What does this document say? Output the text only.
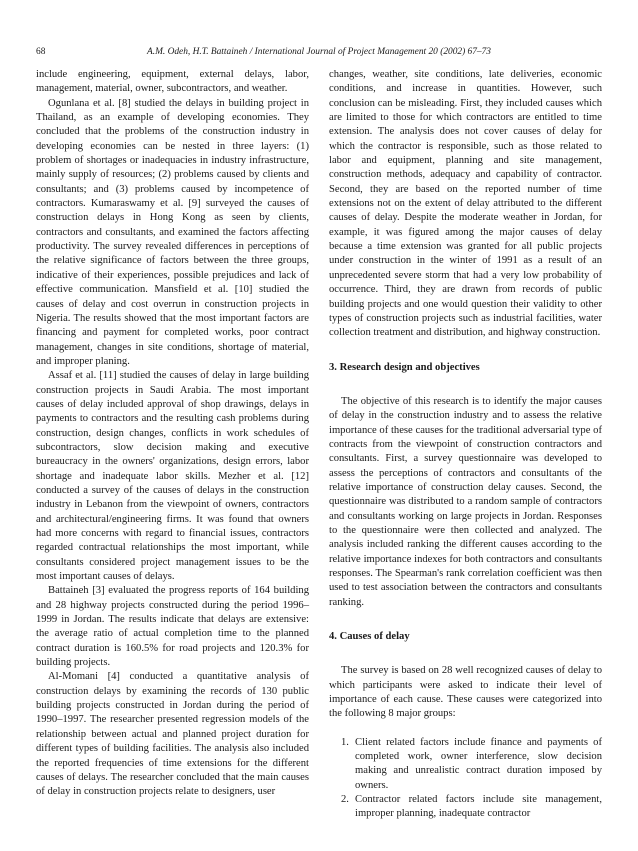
68	A.M. Odeh, H.T. Battaineh / International Journal of Project Management 20 (2002) 67–73

include engineering, equipment, external delays, labor, management, material, owner, subcontractors, and weather.

Ogunlana et al. [8] studied the delays in building project in Thailand, as an example of developing economies. They concluded that the problems of the construction industry in developing economies can be nested in three layers: (1) problem of shortages or inadequacies in industry infrastructure, mainly supply of resources; (2) problems caused by clients and consultants; and (3) problems caused by incompetence of contractors. Kumaraswamy et al. [9] surveyed the causes of construction delays in Hong Kong as seen by clients, contractors and consultants, and examined the factors affecting productivity. The survey revealed differences in perceptions of the relative significance of factors between the three groups, indicative of their experiences, possible prejudices and lack of effective communication. Mansfield et al. [10] studied the causes of delay and cost overrun in construction projects in Nigeria. The results showed that the most important factors are financing and payment for completed works, poor contract management, changes in site conditions, shortage of material, and improper planing.

Assaf et al. [11] studied the causes of delay in large building construction projects in Saudi Arabia. The most important causes of delay included approval of shop drawings, delays in payments to contractors and the resulting cash problems during construction, design changes, conflicts in work schedules of subcontractors, slow decision making and executive bureaucracy in the owners' organizations, design errors, labor shortage and inadequate labor skills. Mezher et al. [12] conducted a survey of the causes of delays in the construction industry in Lebanon from the viewpoint of owners, contractors and architectural/engineering firms. It was found that owners had more concerns with regard to financial issues, contractors regarded contractual relationships the most important, while consultants considered project management issues to be the most important causes of delays.

Battaineh [3] evaluated the progress reports of 164 building and 28 highway projects constructed during the period 1996–1999 in Jordan. The results indicate that delays are extensive: the average ratio of actual completion time to the planned contract duration is 160.5% for road projects and 120.3% for building projects.

Al-Momani [4] conducted a quantitative analysis of construction delays by examining the records of 130 public building projects constructed in Jordan during the period of 1990–1997. The researcher presented regression models of the relationship between actual and planned project duration for different types of building facilities. The analysis also included the reported frequencies of time extensions for the different causes of delays. The researcher concluded that the main causes of delay in construction projects relate to designers, user

changes, weather, site conditions, late deliveries, economic conditions, and increase in quantities. However, such conclusion can be misleading. First, they included causes which are limited to those for which contractors are entitled to time extension. The analysis does not cover causes of delay for which the contractor is responsible, such as those related to labor and equipment, planning and site management, construction methods, adequacy and capability of contractor. Second, they are based on the reported number of time extensions not on the extent of delay attributed to the different causes of delay. Despite the moderate weather in Jordan, for example, it was figured among the major causes of delay because a time extension was granted for all public projects under construction in the winter of 1991 as a result of an unprecedented severe storm that had a very low probability of occurrence. Third, they are drawn from records of public building projects and one would question their validity to other types of construction projects such as industrial facilities, water collection treatment and distribution, and highway construction.

3. Research design and objectives

The objective of this research is to identify the major causes of delay in the construction industry and to assess the relative importance of these causes for the traditional adversarial type of contracts from the viewpoint of construction contractors and consultants. First, a survey questionnaire was developed to assess the perceptions of contractors and consultants of the relative importance of construction delay causes. Second, the questionnaire was distributed to a random sample of contractors and consultants working on large projects in Jordan. Responses to the questionnaire were then collected and analyzed. The analysis included ranking the different causes according to the relative importance indexes for both contractors and consultants responses. The Spearman's rank correlation coefficient was then used to test association between the contractors and consultants ranking.

4. Causes of delay

The survey is based on 28 well recognized causes of delay to which participants were asked to indicate their level of importance of each cause. These causes were categorized into the following 8 major groups:

1. Client related factors include finance and payments of completed work, owner interference, slow decision making and unrealistic contract duration imposed by owners.
2. Contractor related factors include site management, improper planning, inadequate contractor
